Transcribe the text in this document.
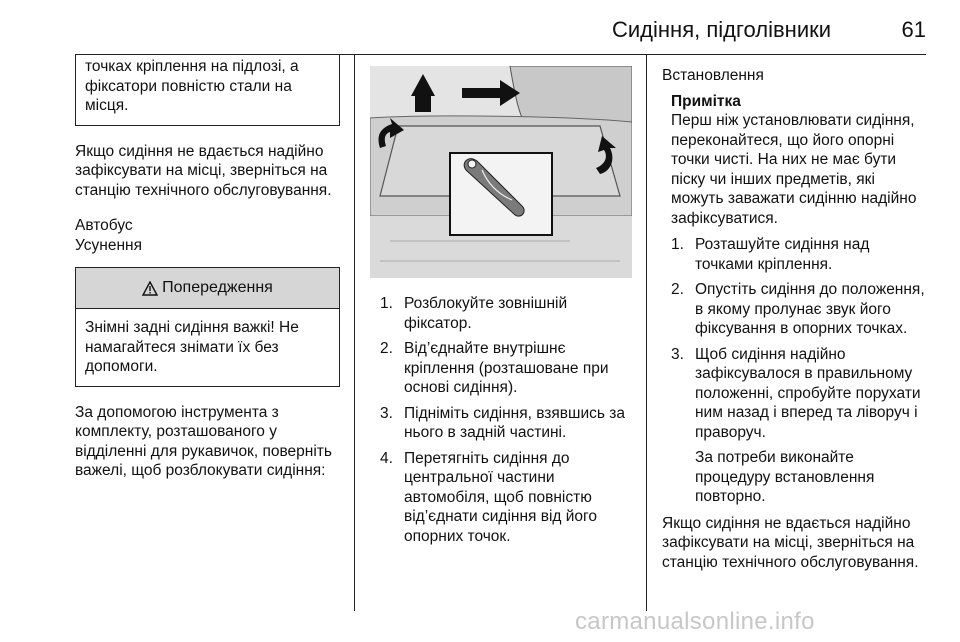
Сидіння, підголівники	61

точках кріплення на підлозі, а фіксатори повністю стали на місця.

Якщо сидіння не вдається надійно зафіксувати на місці, зверніться на станцію технічного обслуговування.

Автобус

Усунення

Попередження

Знімні задні сидіння важкі! Не намагайтеся знімати їх без допомоги.

За допомогою інструмента з комплекту, розташованого у відділенні для рукавичок, поверніть важелі, щоб розблокувати сидіння:

1. Розблокуйте зовнішній фіксатор.
2. Від’єднайте внутрішнє кріплення (розташоване при основі сидіння).
3. Підніміть сидіння, взявшись за нього в задній частині.
4. Перетягніть сидіння до центральної частини автомобіля, щоб повністю від’єднати сидіння від його опорних точок.

Встановлення

Примітка

Перш ніж установлювати сидіння, переконайтеся, що його опорні точки чисті. На них не має бути піску чи інших предметів, які можуть заважати сидінню надійно зафіксуватися.

1. Розташуйте сидіння над точками кріплення.
2. Опустіть сидіння до положення, в якому пролунає звук його фіксування в опорних точках.
3. Щоб сидіння надійно зафіксувалося в правильному положенні, спробуйте порухати ним назад і вперед та ліворуч і праворуч.

За потреби виконайте процедуру встановлення повторно.

Якщо сидіння не вдається надійно зафіксувати на місці, зверніться на станцію технічного обслуговування.

carmanualsonline.info
